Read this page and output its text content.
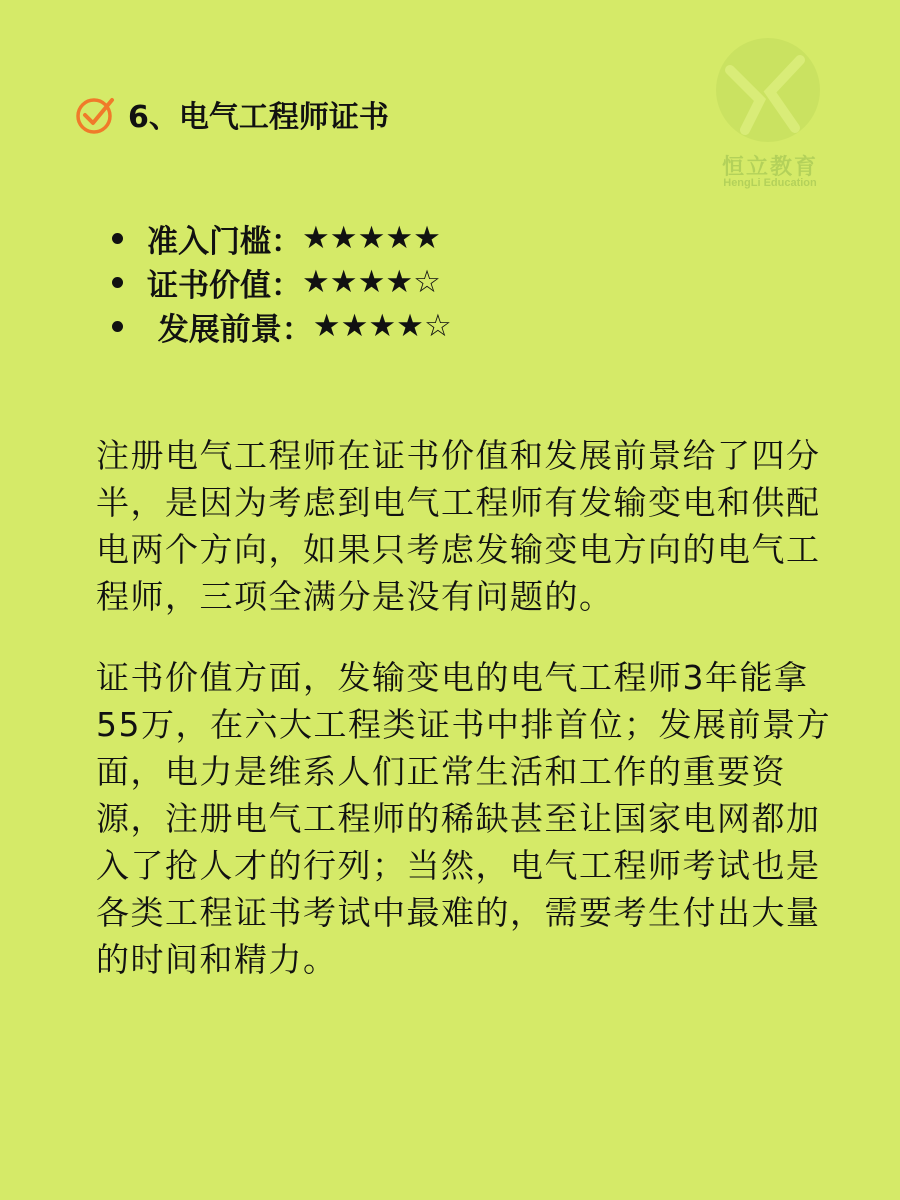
恒立教育
HengLi Education
6、电气工程师证书
准入门槛： ★★★★★
证书价值： ★★★★☆
发展前景： ★★★★☆

注册电气工程师在证书价值和发展前景给了四分半，是因为考虑到电气工程师有发输变电和供配电两个方向，如果只考虑发输变电方向的电气工程师，三项全满分是没有问题的。

证书价值方面，发输变电的电气工程师3年能拿55万，在六大工程类证书中排首位；发展前景方面，电力是维系人们正常生活和工作的重要资源，注册电气工程师的稀缺甚至让国家电网都加入了抢人才的行列；当然，电气工程师考试也是各类工程证书考试中最难的，需要考生付出大量的时间和精力。
